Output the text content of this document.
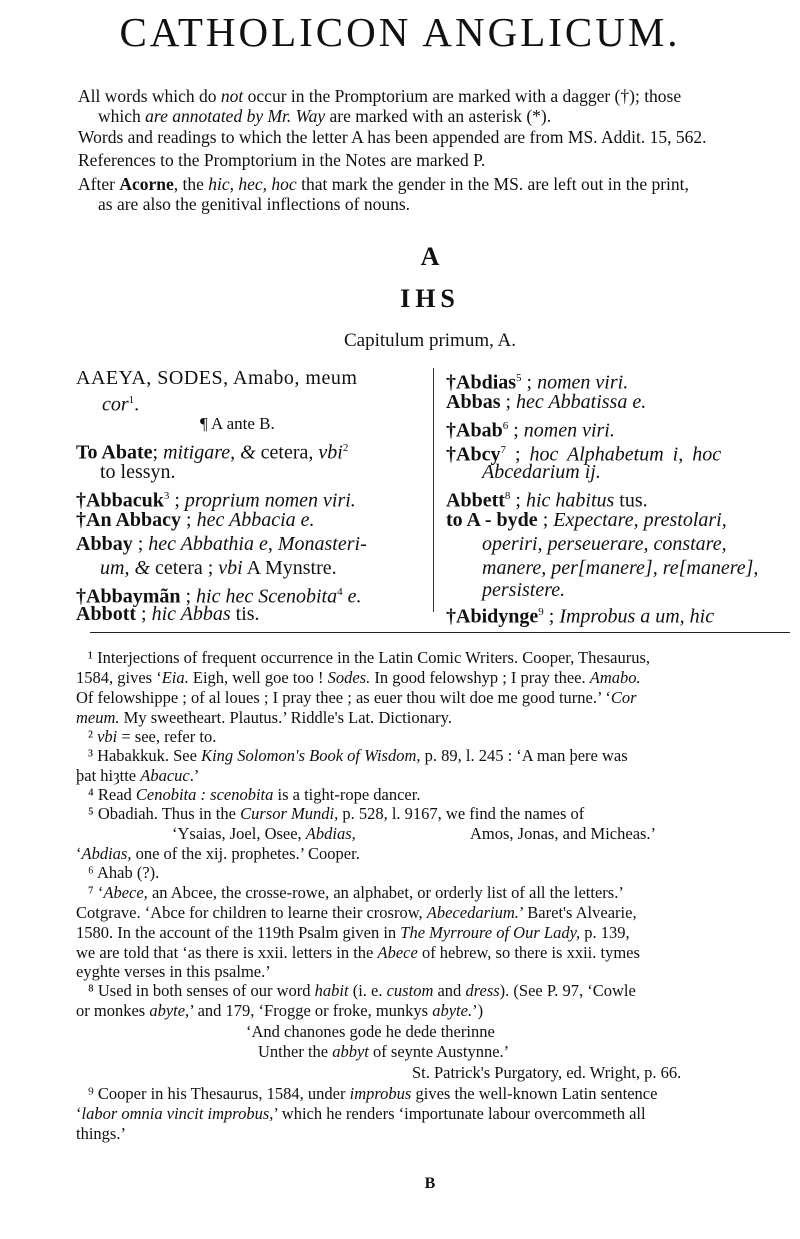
CATHOLICON ANGLICUM.
All words which do not occur in the Promptorium are marked with a dagger (†); those
which are annotated by Mr. Way are marked with an asterisk (*).
Words and readings to which the letter A has been appended are from MS. Addit. 15, 562.
References to the Promptorium in the Notes are marked P.
After Acorne, the hic, hec, hoc that mark the gender in the MS. are left out in the print,
as are also the genitival inflections of nouns.
A
IHS
Capitulum primum, A.
AAEYA, SODES, Amabo, meum
cor$^1$.
¶ A ante B.
To Abate; mitigare, & cetera, vbi$^2$
to lessyn.
†Abbacuk$^3$ ; proprium nomen viri.
†An Abbacy ; hec Abbacia e.
Abbay ; hec Abbathia e, Monasteri-
um, & cetera ; vbi A Mynstre.
†Abbaymãn ; hic hec Scenobita$^4$ e.
Abbott ; hic Abbas tis.
†Abdias$^5$ ; nomen viri.
Abbas ; hec Abbatissa e.
†Abab$^6$ ; nomen viri.
†Abcy$^7$ ; hoc Alphabetum i, hoc
Abcedarium ij.
Abbett$^8$ ; hic habitus tus.
to A - byde ; Expectare, prestolari,
operiri, perseuerare, constare,
manere, per[manere], re[manere],
persistere.
†Abidynge$^9$ ; Improbus a um, hic
¹ Interjections of frequent occurrence in the Latin Comic Writers. Cooper, Thesaurus,
1584, gives ‘Eia. Eigh, well goe too ! Sodes. In good felowshyp ; I pray thee. Amabo.
Of felowshippe ; of al loues ; I pray thee ; as euer thou wilt doe me good turne.’ ‘Cor
meum. My sweetheart. Plautus.’ Riddle's Lat. Dictionary.
² vbi = see, refer to.
³ Habakkuk. See King Solomon's Book of Wisdom, p. 89, l. 245 : ‘A man þere was
þat hiȝtte Abacuc.’
⁴ Read Cenobita : scenobita is a tight-rope dancer.
⁵ Obadiah. Thus in the Cursor Mundi, p. 528, l. 9167, we find the names of
‘Ysaias, Joel, Osee, Abdias,	Amos, Jonas, and Micheas.’
‘Abdias, one of the xij. prophetes.’ Cooper.
⁶ Ahab (?).
⁷ ‘Abece, an Abcee, the crosse-rowe, an alphabet, or orderly list of all the letters.’
Cotgrave. ‘Abce for children to learne their crosrow, Abecedarium.’ Baret's Alvearie,
1580. In the account of the 119th Psalm given in The Myrroure of Our Lady, p. 139,
we are told that ‘as there is xxii. letters in the Abece of hebrew, so there is xxii. tymes
eyghte verses in this psalme.’
⁸ Used in both senses of our word habit (i. e. custom and dress). (See P. 97, ‘Cowle
or monkes abyte,’ and 179, ‘Frogge or froke, munkys abyte.’)
‘And chanones gode he dede therinne
Unther the abbyt of seynte Austynne.’
St. Patrick's Purgatory, ed. Wright, p. 66.
⁹ Cooper in his Thesaurus, 1584, under improbus gives the well-known Latin sentence
‘labor omnia vincit improbus,’ which he renders ‘importunate labour overcommeth all
things.’
B
